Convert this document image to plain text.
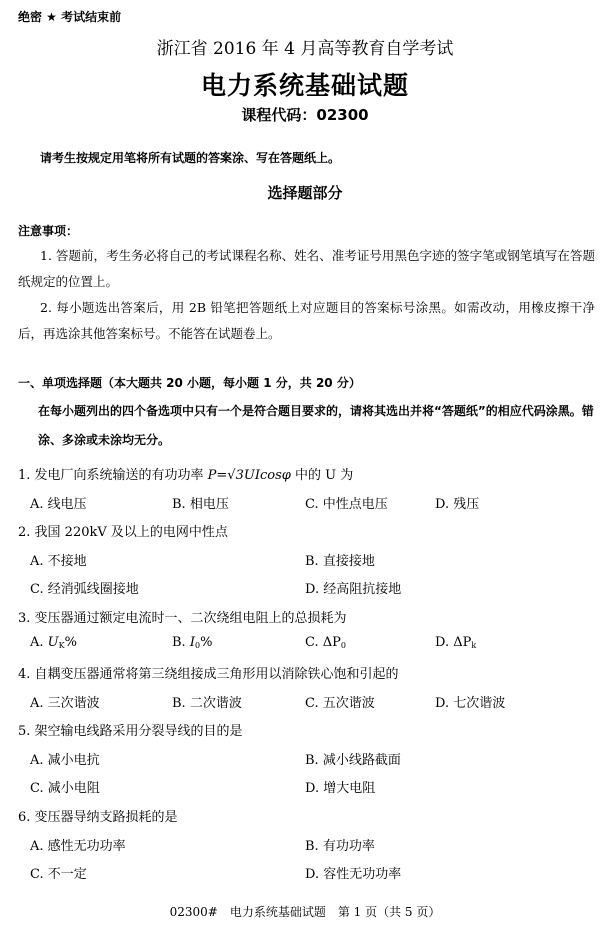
绝密 ★ 考试结束前
浙江省 2016 年 4 月高等教育自学考试
电力系统基础试题
课程代码：02300
请考生按规定用笔将所有试题的答案涂、写在答题纸上。
选择题部分
注意事项：
1. 答题前，考生务必将自己的考试课程名称、姓名、准考证号用黑色字迹的签字笔或钢笔填写在答题纸规定的位置上。
2. 每小题选出答案后，用 2B 铅笔把答题纸上对应题目的答案标号涂黑。如需改动，用橡皮擦干净后，再选涂其他答案标号。不能答在试题卷上。
一、单项选择题（本大题共 20 小题，每小题 1 分，共 20 分）
在每小题列出的四个备选项中只有一个是符合题目要求的，请将其选出并将“答题纸”的相应代码涂黑。错涂、多涂或未涂均无分。
1. 发电厂向系统输送的有功功率 P=√3UIcosφ 中的 U 为
A. 线电压	B. 相电压	C. 中性点电压	D. 残压
2. 我国 220kV 及以上的电网中性点
A. 不接地	B. 直接接地
C. 经消弧线圈接地	D. 经高阻抗接地
3. 变压器通过额定电流时一、二次绕组电阻上的总损耗为
A. $U_K\%$	B. $I_0\%$	C. $\Delta P_0$	D. $\Delta P_k$
4. 自耦变压器通常将第三绕组接成三角形用以消除铁心饱和引起的
A. 三次谐波	B. 二次谐波	C. 五次谐波	D. 七次谐波
5. 架空输电线路采用分裂导线的目的是
A. 减小电抗	B. 减小线路截面
C. 减小电阻	D. 增大电阻
6. 变压器导纳支路损耗的是
A. 感性无功功率	B. 有功功率
C. 不一定	D. 容性无功功率
02300#　电力系统基础试题　第 1 页（共 5 页）
